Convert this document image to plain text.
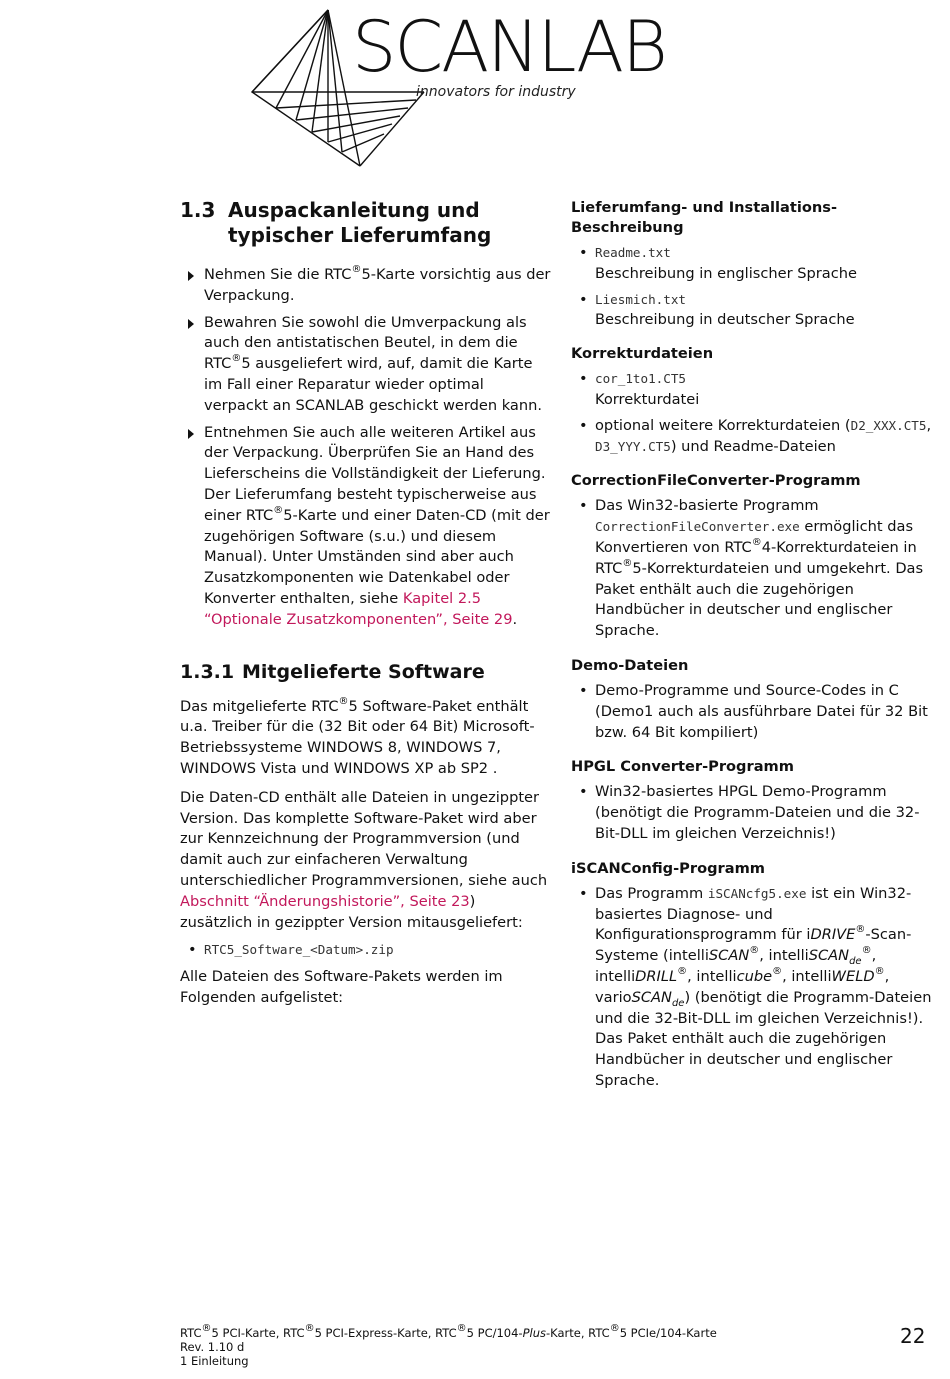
SCANLAB
innovators for industry
1.3 Auspackanleitung und typischer Lieferumfang
Nehmen Sie die RTC®5-Karte vorsichtig aus der Verpackung.
Bewahren Sie sowohl die Umverpackung als auch den antistatischen Beutel, in dem die RTC®5 ausgeliefert wird, auf, damit die Karte im Fall einer Reparatur wieder optimal verpackt an SCANLAB geschickt werden kann.
Entnehmen Sie auch alle weiteren Artikel aus der Verpackung. Überprüfen Sie an Hand des Lieferscheins die Vollständigkeit der Lieferung.
Der Lieferumfang besteht typischerweise aus einer RTC®5-Karte und einer Daten-CD (mit der zugehörigen Software (s.u.) und diesem Manual). Unter Umständen sind aber auch Zusatzkomponenten wie Datenkabel oder Konverter enthalten, siehe Kapitel 2.5 “Optionale Zusatzkomponenten”, Seite 29.
1.3.1 Mitgelieferte Software

Das mitgelieferte RTC®5 Software-Paket enthält u.a. Treiber für die (32 Bit oder 64 Bit) Microsoft-Betriebssysteme WINDOWS 8, WINDOWS 7, WINDOWS Vista und WINDOWS XP ab SP2 .

Die Daten-CD enthält alle Dateien in ungezippter Version. Das komplette Software-Paket wird aber zur Kennzeichnung der Programmversion (und damit auch zur einfacheren Verwaltung unterschiedlicher Programmversionen, siehe auch Abschnitt “Änderungshistorie”, Seite 23) zusätzlich in gezippter Version mitausgeliefert:

• RTC5_Software_<Datum>.zip

Alle Dateien des Software-Pakets werden im Folgenden aufgelistet:

Lieferumfang- und Installations-Beschreibung
• Readme.txt
Beschreibung in englischer Sprache
• Liesmich.txt
Beschreibung in deutscher Sprache
Korrekturdateien
• cor_1to1.CT5
Korrekturdatei
• optional weitere Korrekturdateien (D2_XXX.CT5, D3_YYY.CT5) und Readme-Dateien
CorrectionFileConverter-Programm
• Das Win32-basierte Programm CorrectionFileConverter.exe ermöglicht das Konvertieren von RTC®4-Korrekturdateien in RTC®5-Korrekturdateien und umgekehrt. Das Paket enthält auch die zugehörigen Handbücher in deutscher und englischer Sprache.
Demo-Dateien
• Demo-Programme und Source-Codes in C (Demo1 auch als ausführbare Datei für 32 Bit bzw. 64 Bit kompiliert)
HPGL Converter-Programm
• Win32-basiertes HPGL Demo-Programm (benötigt die Programm-Dateien und die 32-Bit-DLL im gleichen Verzeichnis!)
iSCANConfig-Programm
• Das Programm iSCANcfg5.exe ist ein Win32-basiertes Diagnose- und Konfigurationsprogramm für iDRIVE®-Scan-Systeme (intelliSCAN®, intelliSCAN$_{de}$®, intelliDRILL®, intellicube®, intelliWELD®, varioSCAN$_{de}$) (benötigt die Programm-Dateien und die 32-Bit-DLL im gleichen Verzeichnis!). Das Paket enthält auch die zugehörigen Handbücher in deutscher und englischer Sprache.
RTC®5 PCI-Karte, RTC®5 PCI-Express-Karte, RTC®5 PC/104-Plus-Karte, RTC®5 PCIe/104-Karte
Rev. 1.10 d
1 Einleitung
22
